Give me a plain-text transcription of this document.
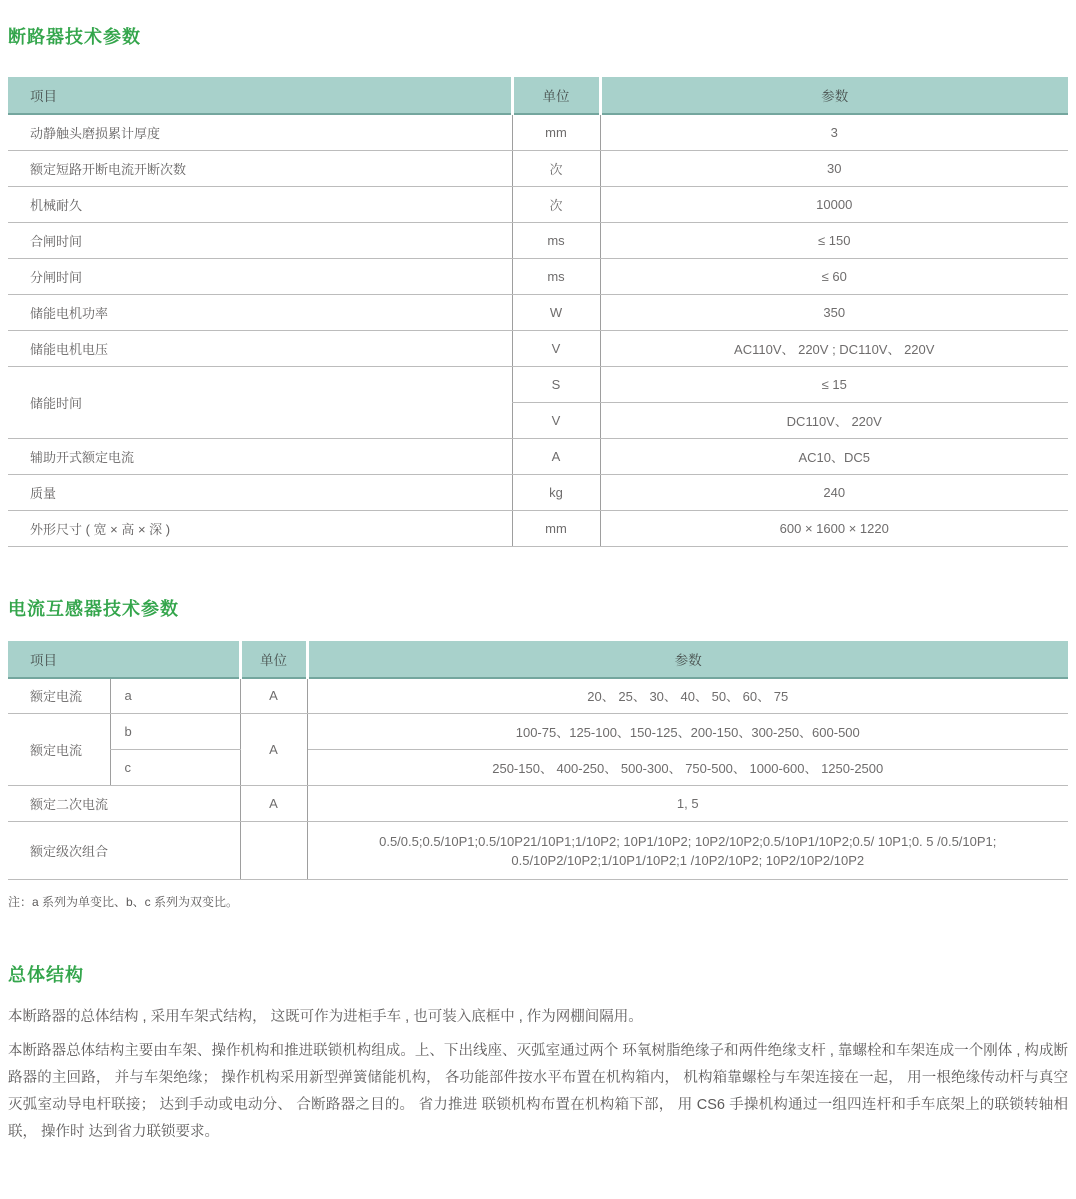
断路器技术参数
项目	单位	参数
动静触头磨损累计厚度	mm	3
额定短路开断电流开断次数	次	30
机械耐久	次	10000
合闸时间	ms	≤ 150
分闸时间	ms	≤ 60
储能电机功率	W	350
储能电机电压	V	AC110V、 220V ; DC110V、 220V
储能时间	S	≤ 15
	V	DC110V、 220V
辅助开式额定电流	A	AC10、DC5
质量	kg	240
外形尺寸 ( 宽 × 高 × 深 )	mm	600 × 1600 × 1220
电流互感器技术参数
项目		单位	参数
额定电流	a	A	20、 25、 30、 40、 50、 60、 75
额定电流	b	A	100-75、125-100、150-125、200-150、300-250、600-500
	c		250-150、 400-250、 500-300、 750-500、 1000-600、 1250-2500
额定二次电流		A	1, 5
额定级次组合			0.5/0.5;0.5/10P1;0.5/10P21/10P1;1/10P2; 10P1/10P2; 10P2/10P2;0.5/10P1/10P2;0.5/ 10P1;0. 5 /0.5/10P1;
0.5/10P2/10P2;1/10P1/10P2;1 /10P2/10P2; 10P2/10P2/10P2
注：a 系列为单变比、b、c 系列为双变比。
总体结构

本断路器的总体结构 , 采用车架式结构， 这既可作为进柜手车 , 也可装入底框中 , 作为网棚间隔用。

本断路器总体结构主要由车架、操作机构和推进联锁机构组成。上、下出线座、灭弧室通过两个 环氧树脂绝缘子和两件绝缘支杆 , 靠螺栓和车架连成一个刚体 , 构成断路器的主回路， 并与车架绝缘； 操作机构采用新型弹簧储能机构， 各功能部件按水平布置在机构箱内， 机构箱靠螺栓与车架连接在一起， 用一根绝缘传动杆与真空灭弧室动导电杆联接； 达到手动或电动分、 合断路器之目的。 省力推进 联锁机构布置在机构箱下部， 用 CS6 手操机构通过一组四连杆和手车底架上的联锁转轴相联， 操作时 达到省力联锁要求。
